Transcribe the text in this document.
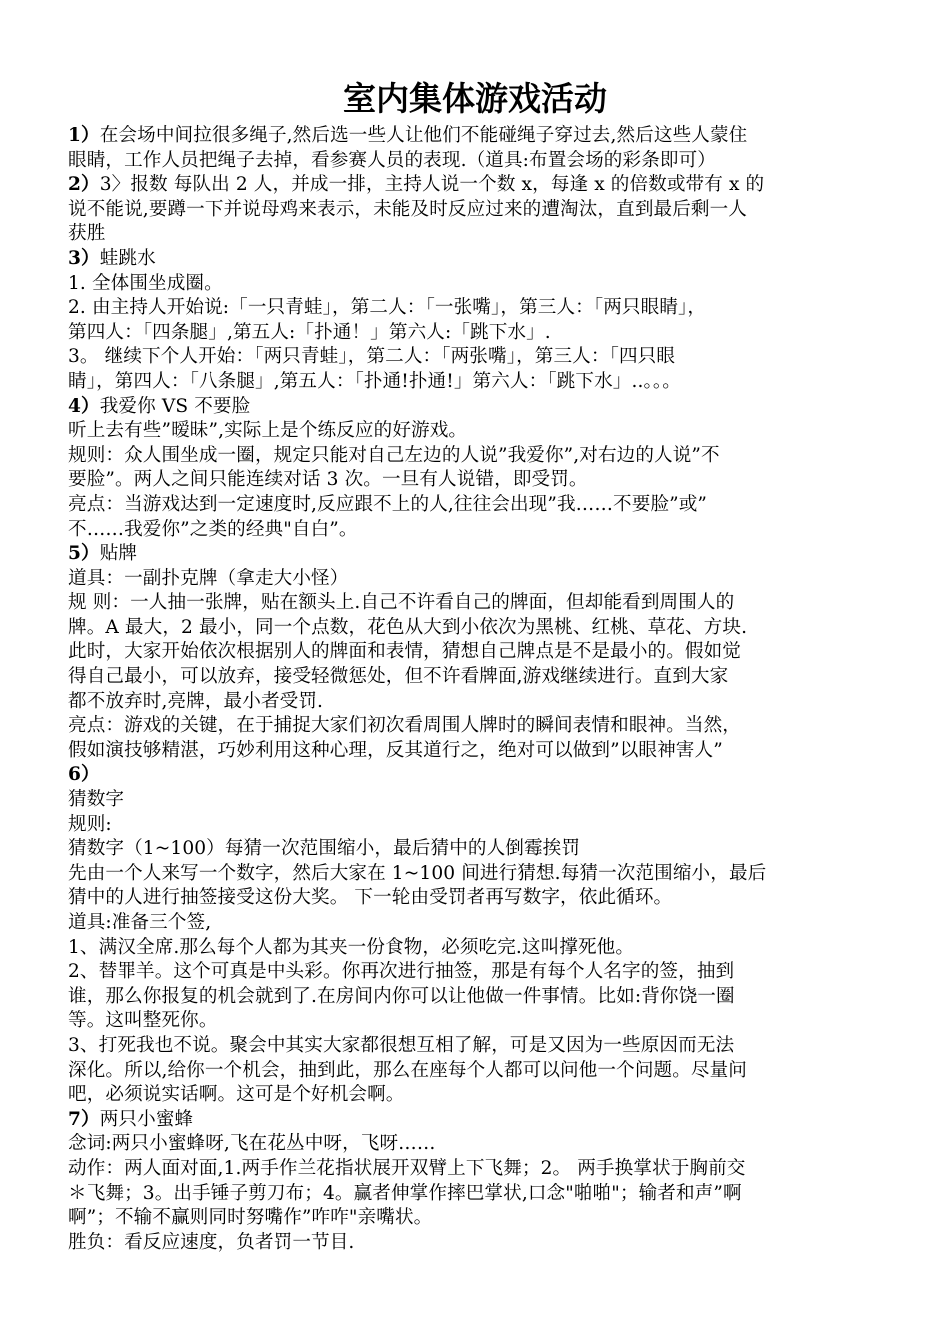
室内集体游戏活动
1）在会场中间拉很多绳子,然后选一些人让他们不能碰绳子穿过去,然后这些人蒙住
眼睛，工作人员把绳子去掉，看参赛人员的表现.（道具:布置会场的彩条即可）
2）3〉报数 每队出 2 人，并成一排，主持人说一个数 x，每逢 x 的倍数或带有 x 的
说不能说,要蹲一下并说母鸡来表示，未能及时反应过来的遭淘汰，直到最后剩一人
获胜
3）蛙跳水
1. 全体围坐成圈。
2. 由主持人开始说:「一只青蛙」，第二人：「一张嘴」，第三人：「两只眼睛」，
第四人：「四条腿」,第五人:「扑通！」第六人:「跳下水」.
3。 继续下个人开始：「两只青蛙」，第二人：「两张嘴」，第三人：「四只眼
睛」，第四人：「八条腿」,第五人：「扑通!扑通!」第六人：「跳下水」..。。。
4）我爱你 VS 不要脸
听上去有些”暧昧”,实际上是个练反应的好游戏。
规则：众人围坐成一圈，规定只能对自己左边的人说”我爱你”,对右边的人说”不
要脸”。两人之间只能连续对话 3 次。一旦有人说错，即受罚。
亮点：当游戏达到一定速度时,反应跟不上的人,往往会出现”我……不要脸”或”
不……我爱你”之类的经典"自白”。
5）贴牌
道具：一副扑克牌（拿走大小怪）
规 则：一人抽一张牌，贴在额头上.自己不许看自己的牌面，但却能看到周围人的
牌。A 最大，2 最小，同一个点数，花色从大到小依次为黑桃、红桃、草花、方块.
此时，大家开始依次根据别人的牌面和表情，猜想自己牌点是不是最小的。假如觉
得自己最小，可以放弃，接受轻微惩处，但不许看牌面,游戏继续进行。直到大家
都不放弃时,亮牌，最小者受罚.
亮点：游戏的关键，在于捕捉大家们初次看周围人牌时的瞬间表情和眼神。当然，
假如演技够精湛，巧妙利用这种心理，反其道行之，绝对可以做到”以眼神害人”
6）
猜数字
规则:
猜数字（1~100）每猜一次范围缩小，最后猜中的人倒霉挨罚
先由一个人来写一个数字，然后大家在 1~100 间进行猜想.每猜一次范围缩小，最后
猜中的人进行抽签接受这份大奖。 下一轮由受罚者再写数字，依此循环。
道具:准备三个签,
1、满汉全席.那么每个人都为其夹一份食物，必须吃完.这叫撑死他。
2、替罪羊。这个可真是中头彩。你再次进行抽签，那是有每个人名字的签，抽到
谁，那么你报复的机会就到了.在房间内你可以让他做一件事情。比如:背你饶一圈
等。这叫整死你。
3、打死我也不说。聚会中其实大家都很想互相了解，可是又因为一些原因而无法
深化。所以,给你一个机会，抽到此，那么在座每个人都可以问他一个问题。尽量问
吧，必须说实话啊。这可是个好机会啊。
7）两只小蜜蜂
念词:两只小蜜蜂呀,飞在花丛中呀，飞呀……
动作：两人面对面,1.两手作兰花指状展开双臂上下飞舞；2。 两手换掌状于胸前交
＊飞舞；3。出手锤子剪刀布；4。赢者伸掌作摔巴掌状,口念"啪啪"；输者和声”啊
啊”；不输不赢则同时努嘴作”咋咋"亲嘴状。
胜负：看反应速度，负者罚一节目.
